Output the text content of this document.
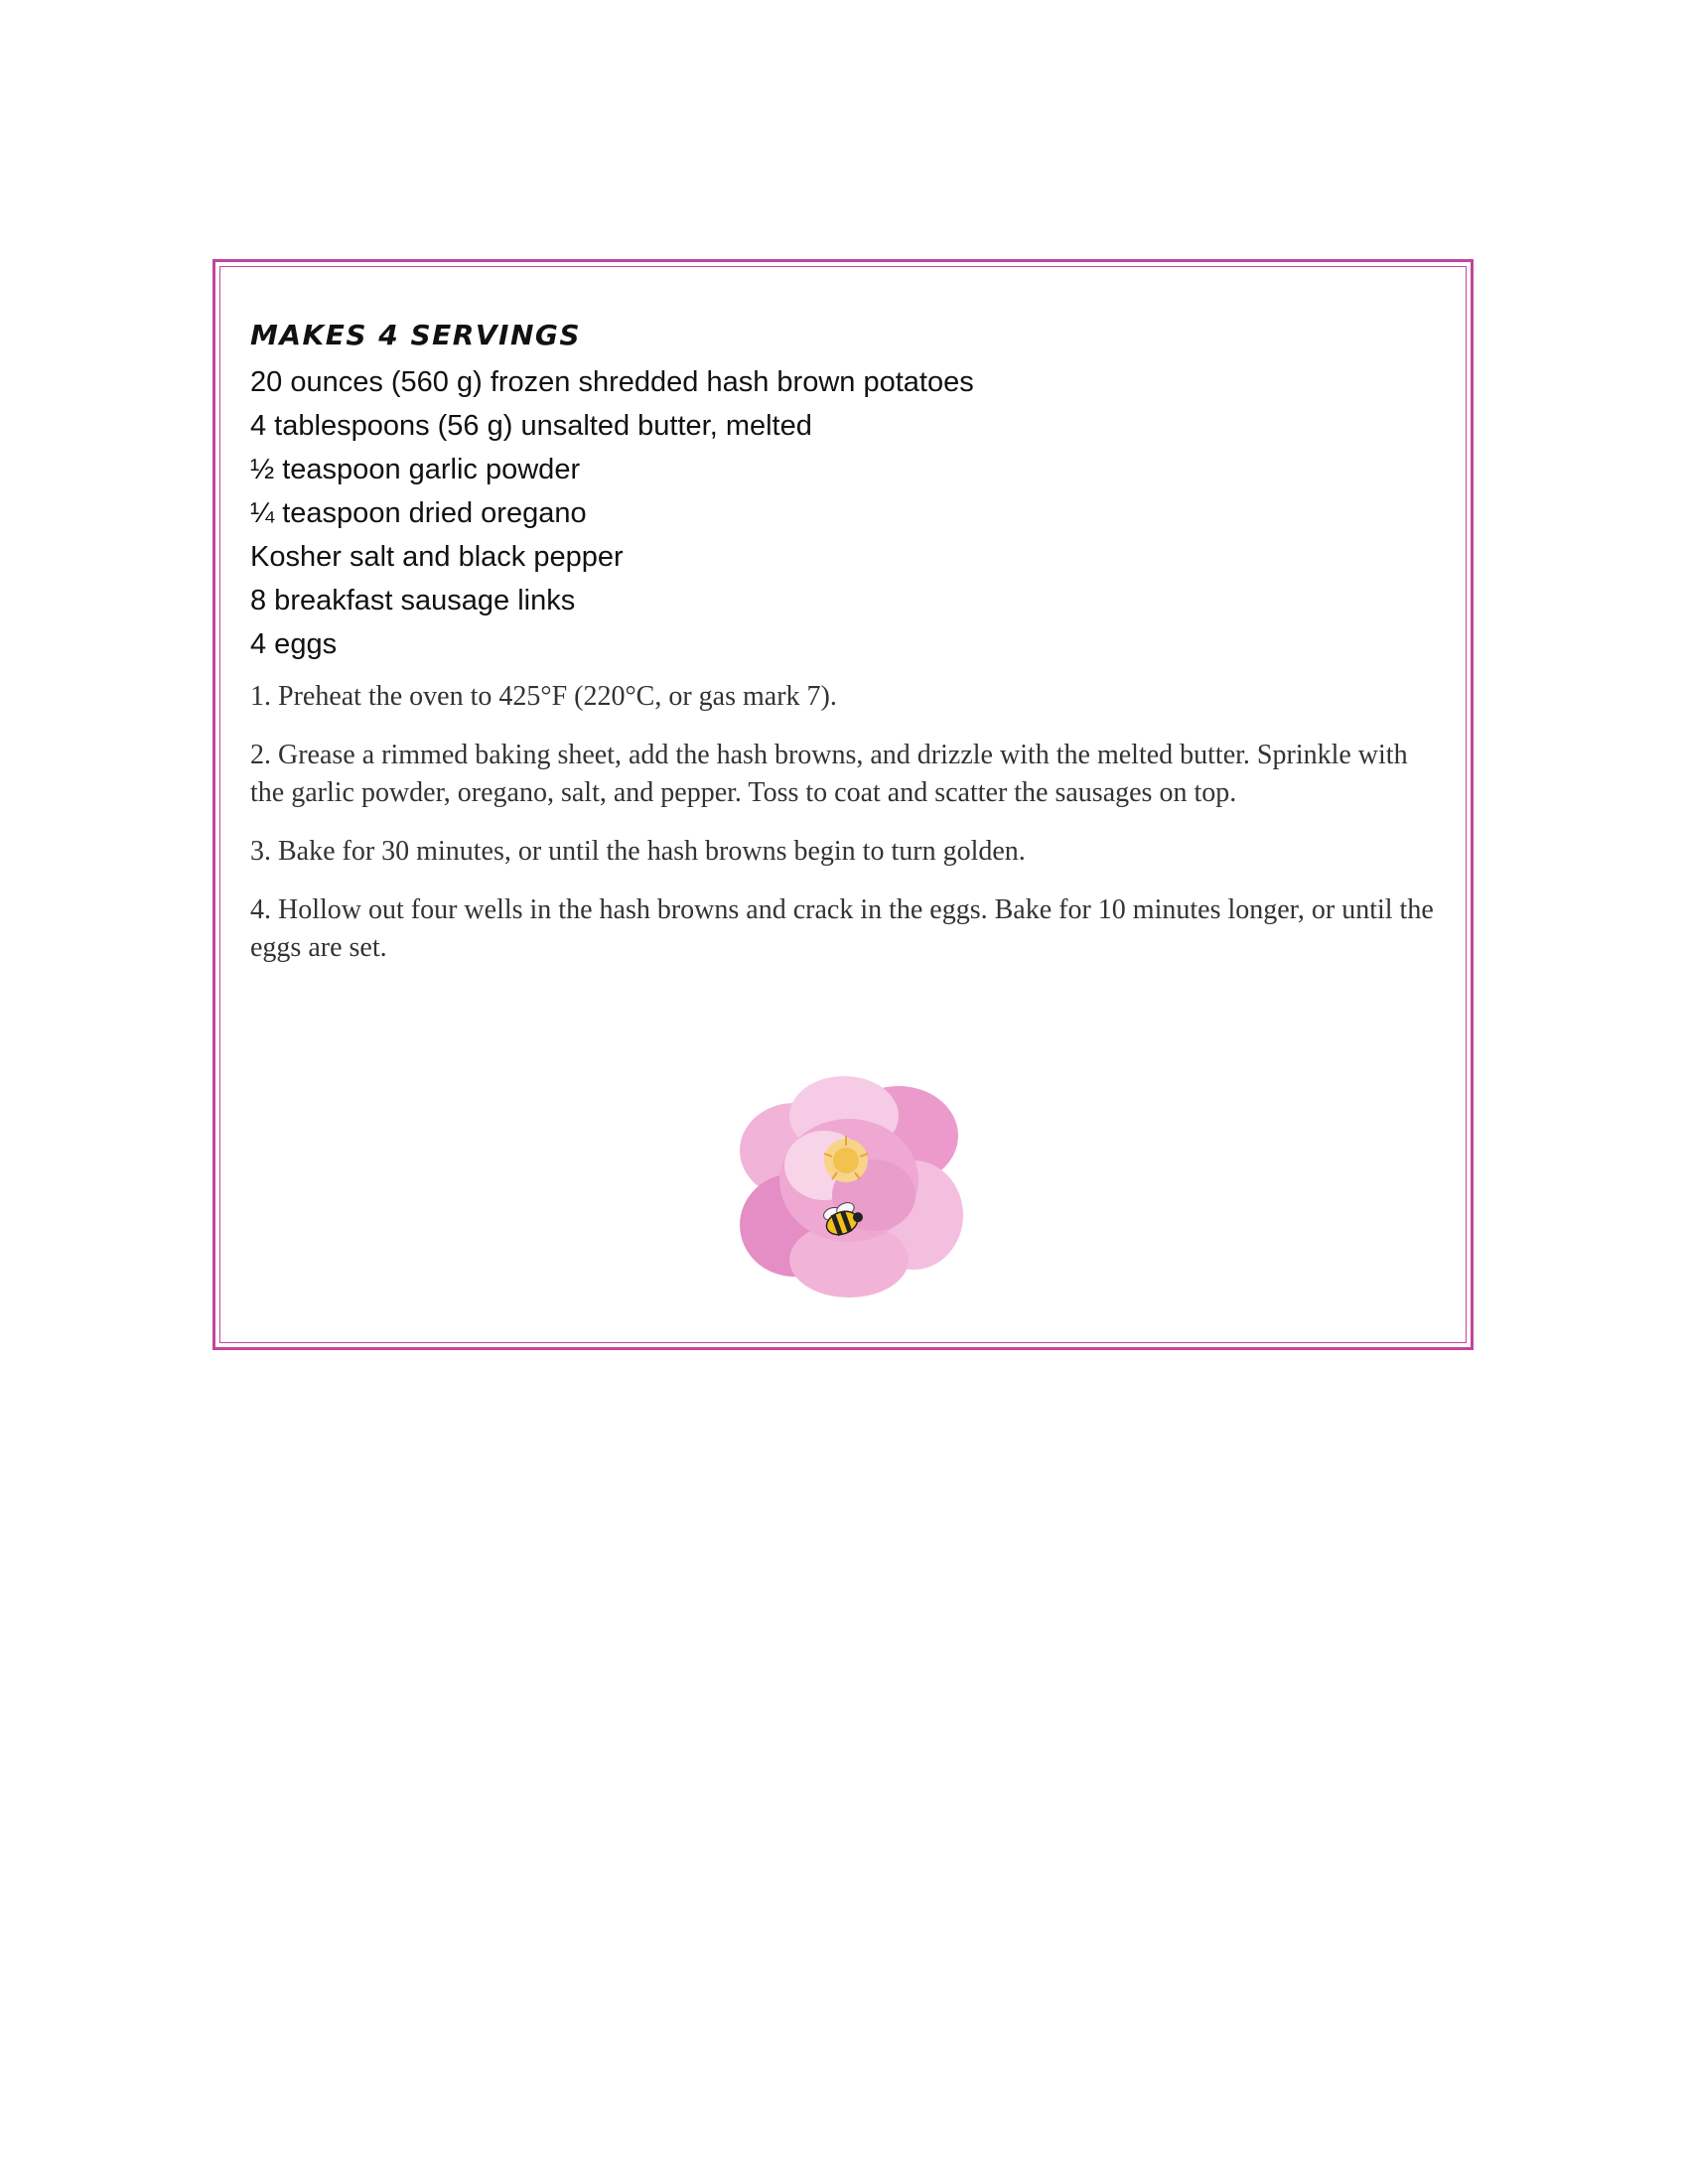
MAKES 4 SERVINGS
20 ounces (560 g) frozen shredded hash brown potatoes
4 tablespoons (56 g) unsalted butter, melted
½ teaspoon garlic powder
¼ teaspoon dried oregano
Kosher salt and black pepper
8 breakfast sausage links
4 eggs

1. Preheat the oven to 425°F (220°C, or gas mark 7).

2. Grease a rimmed baking sheet, add the hash browns, and drizzle with the melted butter. Sprinkle with the garlic powder, oregano, salt, and pepper. Toss to coat and scatter the sausages on top.

3. Bake for 30 minutes, or until the hash browns begin to turn golden.

4. Hollow out four wells in the hash browns and crack in the eggs. Bake for 10 minutes longer, or until the eggs are set.
